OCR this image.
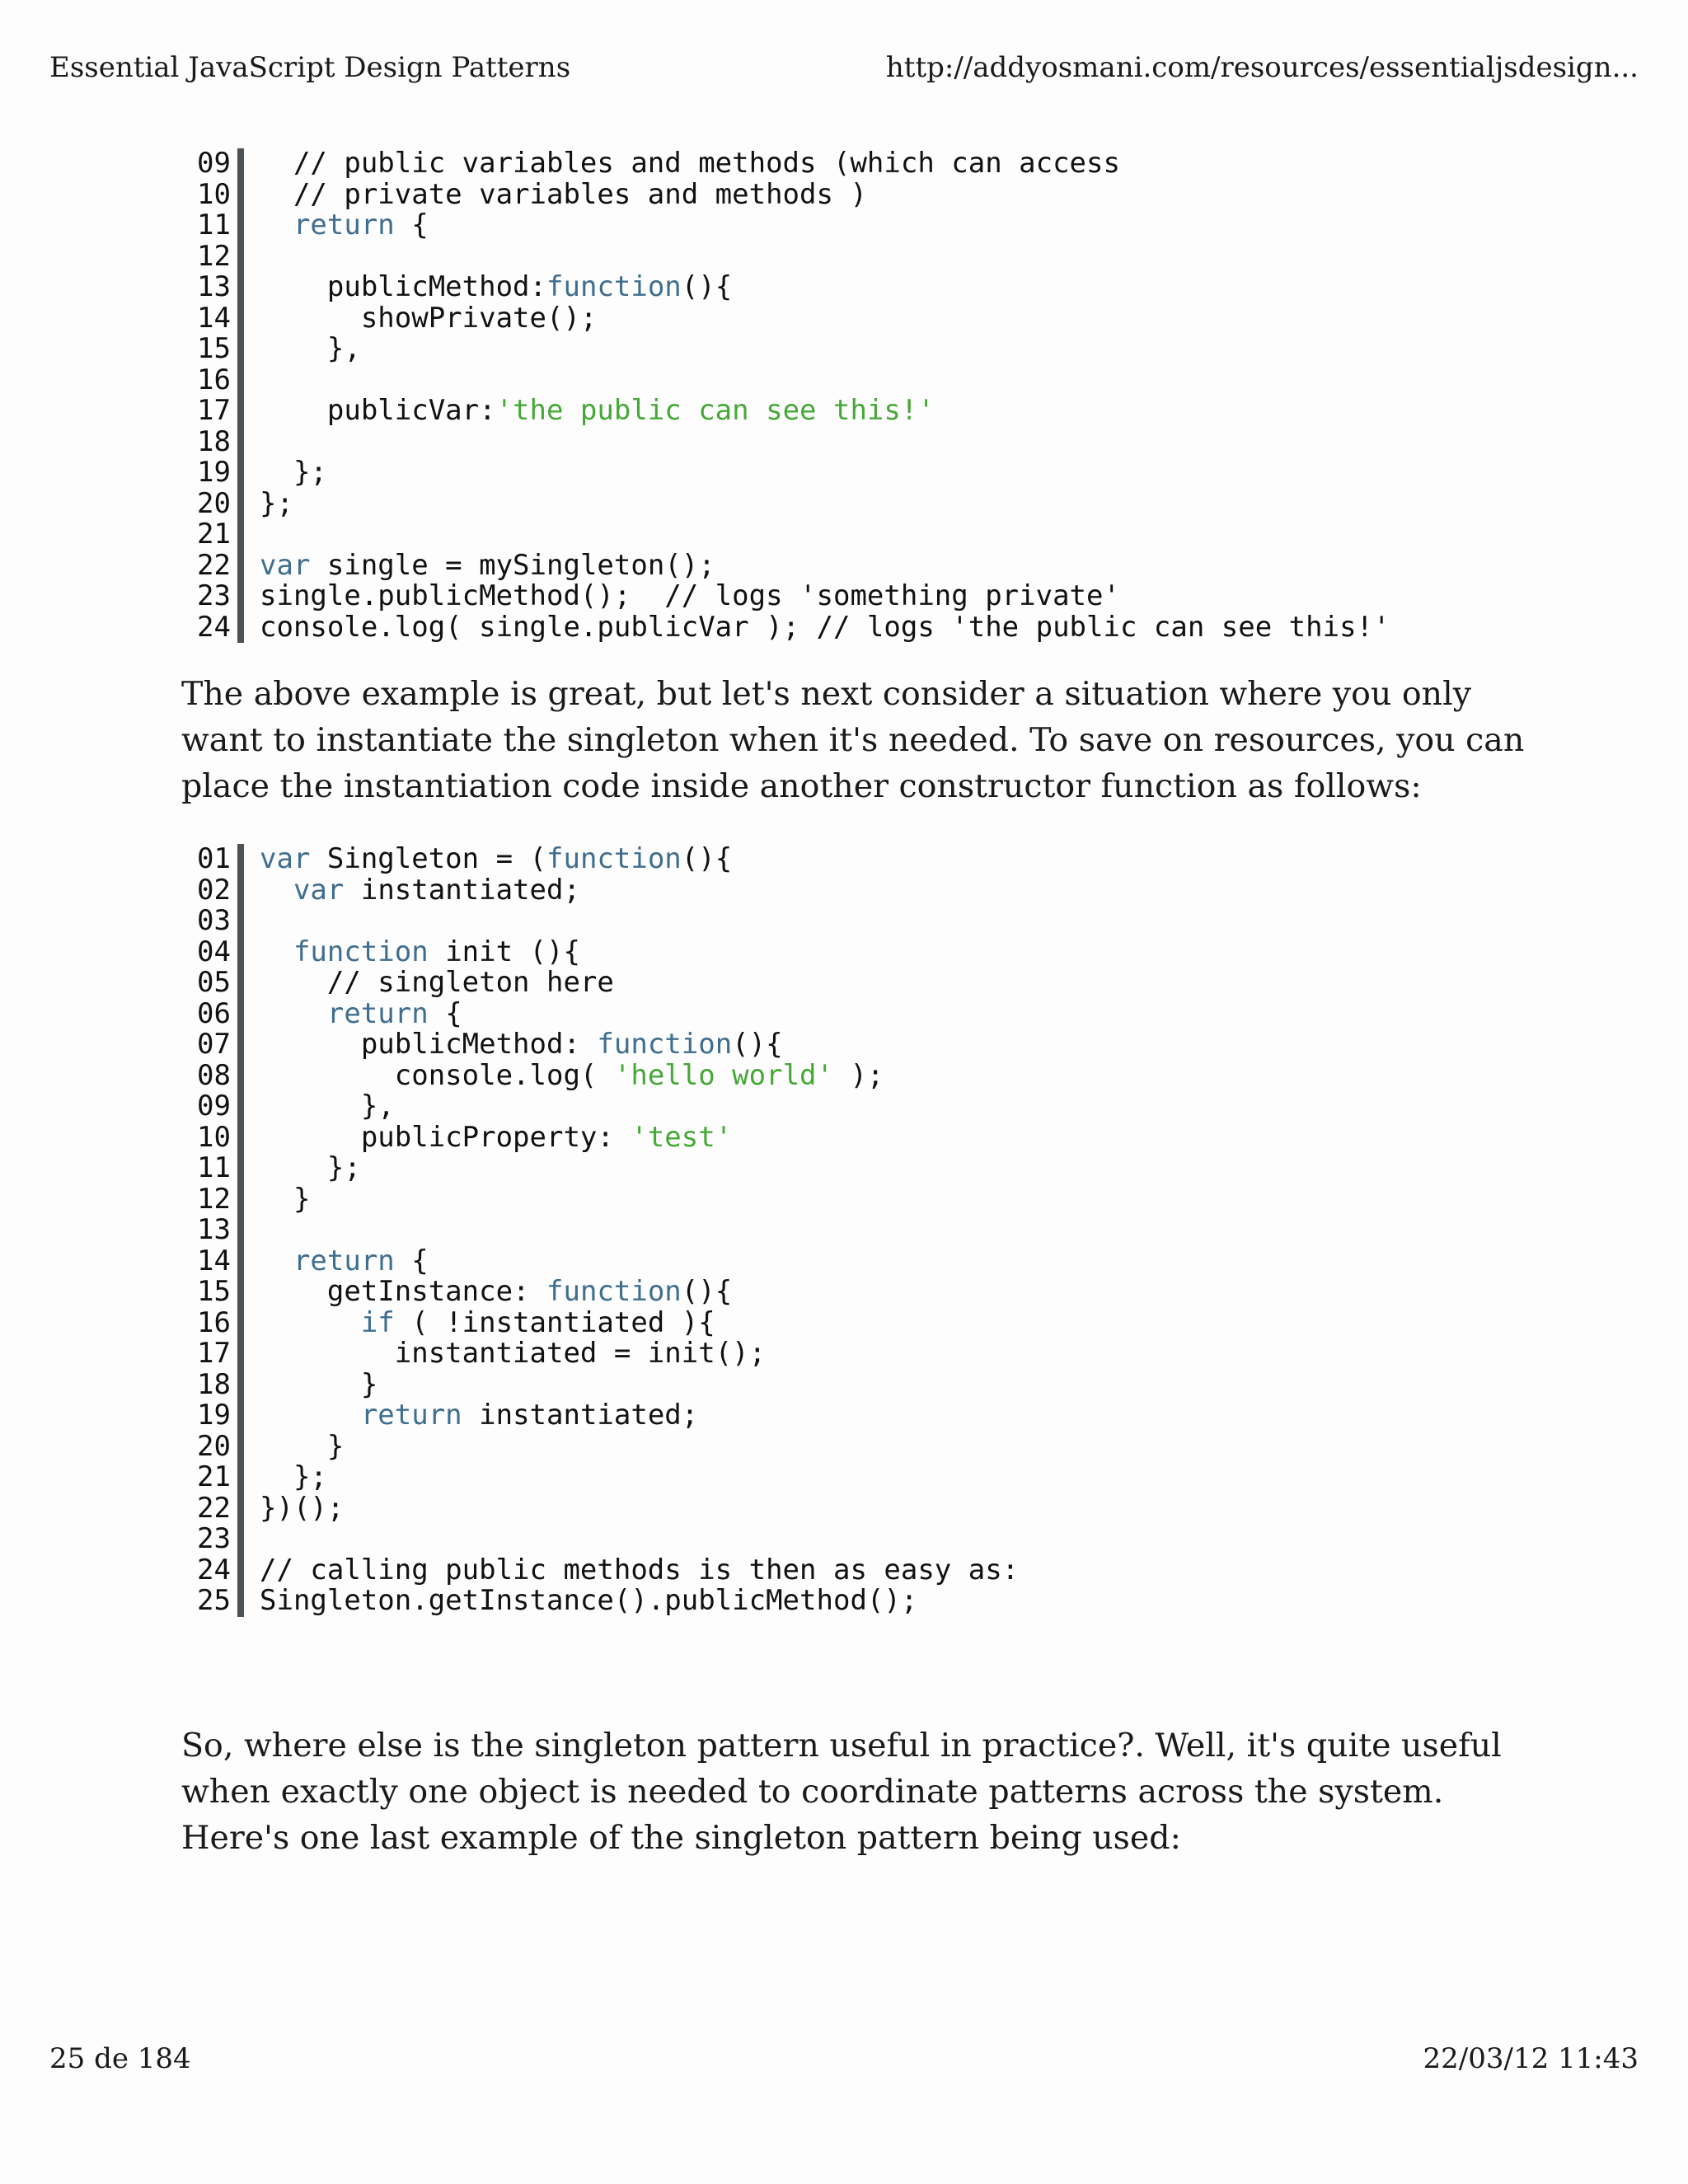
Essential JavaScript Design Patterns	http://addyosmani.com/resources/essentialjsdesign...
09 // public variables and methods (which can access
10 // private variables and methods )
11	return {
12
13 publicMethod:function(){
14 showPrivate();
15 },
16
17 publicVar:'the public can see this!'
18
19 };
20 };
21
22 var single = mySingleton();
23 single.publicMethod();  // logs 'something private'
24 console.log( single.publicVar ); // logs 'the public can see this!'

The above example is great, but let's next consider a situation where you only want to instantiate the singleton when it's needed. To save on resources, you can place the instantiation code inside another constructor function as follows:

01 var Singleton = (function(){
02	var instantiated;
03
04	function init (){
05 // singleton here
06	return {
07 publicMethod: function(){
08 console.log( 'hello world' );
09 },
10 publicProperty: 'test'
11 };
12 }
13
14	return {
15 getInstance: function(){
16	if ( !instantiated ){
17 instantiated = init();
18 }
19	return instantiated;
20 }
21 };
22 })();
23
24 // calling public methods is then as easy as:
25 Singleton.getInstance().publicMethod();

So, where else is the singleton pattern useful in practice?. Well, it's quite useful when exactly one object is needed to coordinate patterns across the system. Here's one last example of the singleton pattern being used:

25 de 184	22/03/12 11:43
